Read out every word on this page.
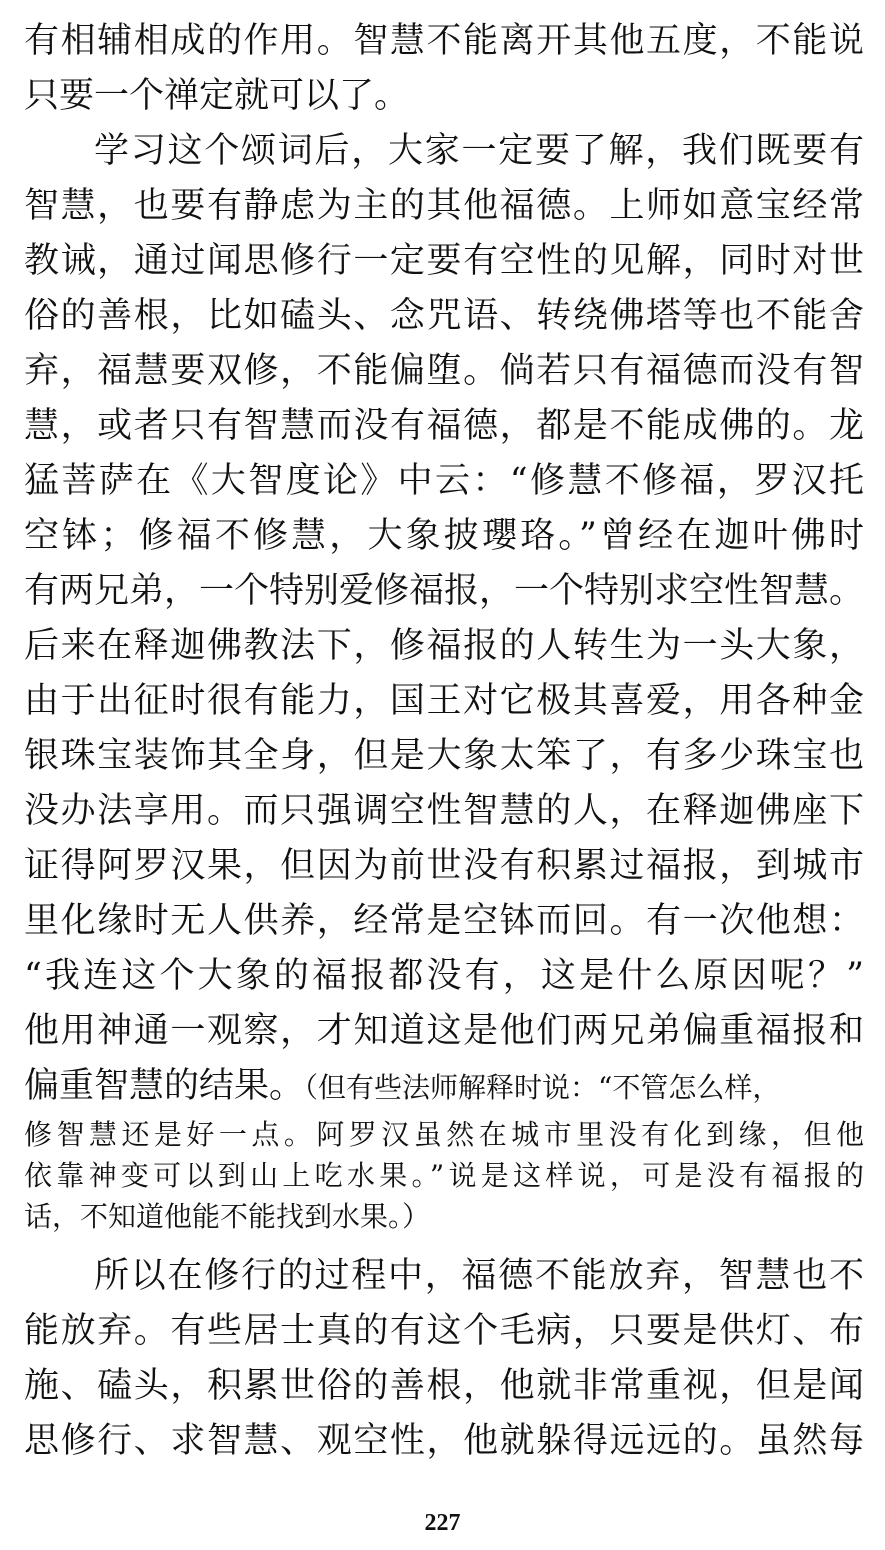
有相辅相成的作用。智慧不能离开其他五度，不能说
只要一个禅定就可以了。
学习这个颂词后，大家一定要了解，我们既要有
智慧，也要有静虑为主的其他福德。上师如意宝经常
教诫，通过闻思修行一定要有空性的见解，同时对世
俗的善根，比如磕头、念咒语、转绕佛塔等也不能舍
弃，福慧要双修，不能偏堕。倘若只有福德而没有智
慧，或者只有智慧而没有福德，都是不能成佛的。龙
猛菩萨在《大智度论》中云：“修慧不修福，罗汉托
空钵；修福不修慧，大象披瓔珞。”曾经在迦叶佛时
有两兄弟，一个特别爱修福报，一个特别求空性智慧。
后来在释迦佛教法下，修福报的人转生为一头大象，
由于出征时很有能力，国王对它极其喜爱，用各种金
银珠宝装饰其全身，但是大象太笨了，有多少珠宝也
没办法享用。而只强调空性智慧的人，在释迦佛座下
证得阿罗汉果，但因为前世没有积累过福报，到城市
里化缘时无人供养，经常是空钵而回。有一次他想：
“我连这个大象的福报都没有，这是什么原因呢？”
他用神通一观察，才知道这是他们两兄弟偏重福报和
偏重智慧的结果。（但有些法师解释时说：“不管怎么样，
修智慧还是好一点。阿罗汉虽然在城市里没有化到缘，但他
依靠神变可以到山上吃水果。”说是这样说，可是没有福报的
话，不知道他能不能找到水果。）
所以在修行的过程中，福德不能放弃，智慧也不
能放弃。有些居士真的有这个毛病，只要是供灯、布
施、磕头，积累世俗的善根，他就非常重视，但是闻
思修行、求智慧、观空性，他就躲得远远的。虽然每
227
